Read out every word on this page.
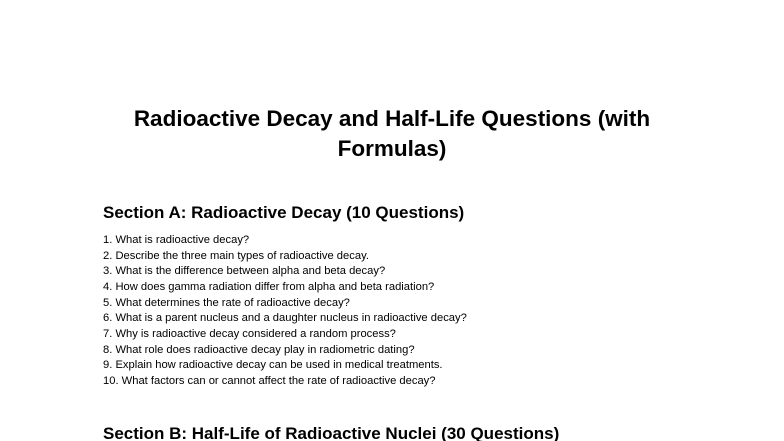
Radioactive Decay and Half-Life Questions (with
Formulas)
Section A: Radioactive Decay (10 Questions)
1. What is radioactive decay?
2. Describe the three main types of radioactive decay.
3. What is the difference between alpha and beta decay?
4. How does gamma radiation differ from alpha and beta radiation?
5. What determines the rate of radioactive decay?
6. What is a parent nucleus and a daughter nucleus in radioactive decay?
7. Why is radioactive decay considered a random process?
8. What role does radioactive decay play in radiometric dating?
9. Explain how radioactive decay can be used in medical treatments.
10. What factors can or cannot affect the rate of radioactive decay?
Section B: Half-Life of Radioactive Nuclei (30 Questions)
